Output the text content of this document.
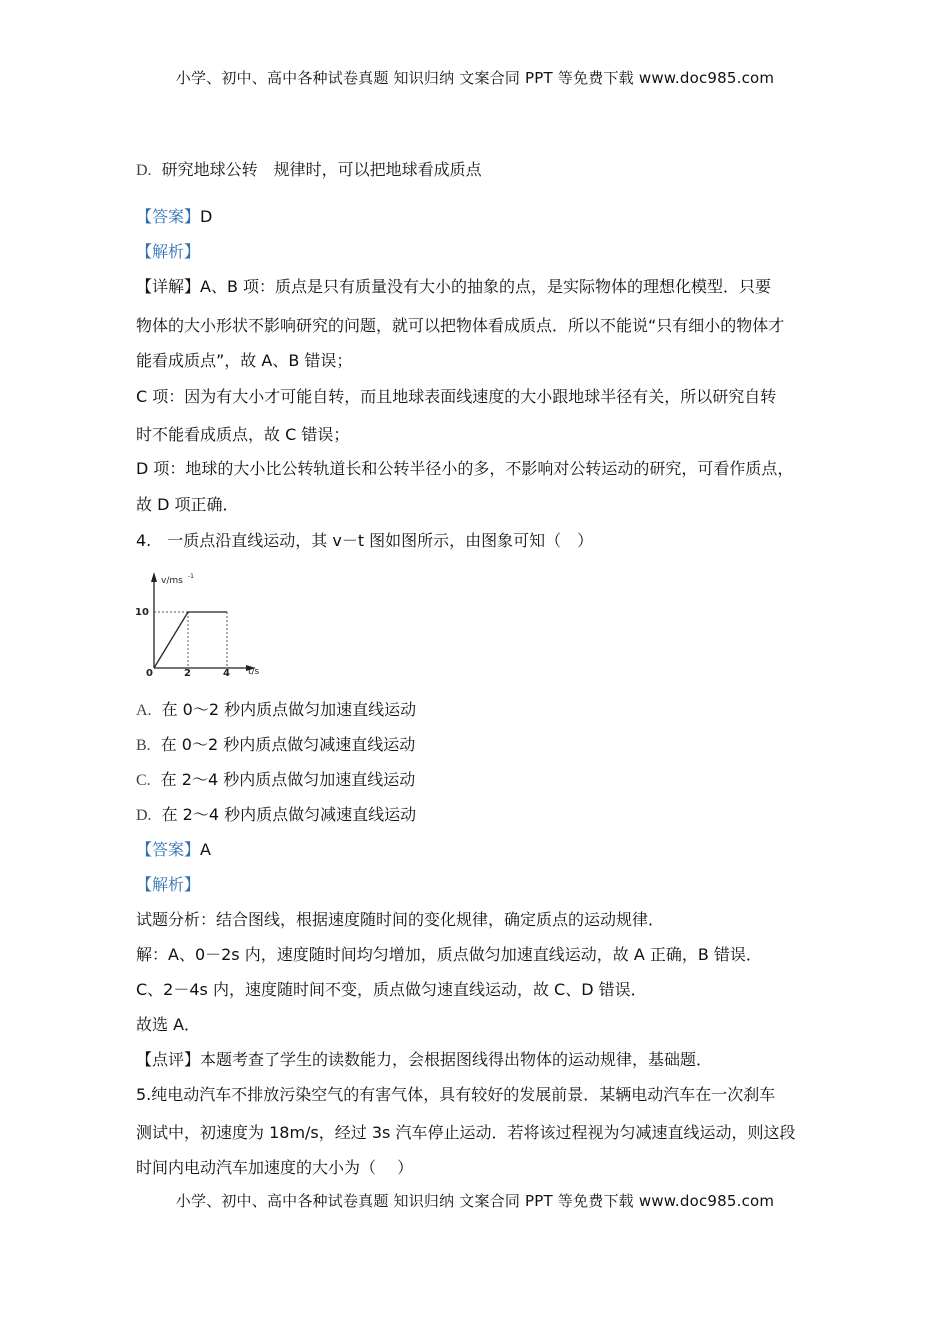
小学、初中、高中各种试卷真题 知识归纳 文案合同 PPT 等免费下载 www.doc985.com
D. 研究地球公转　规律时，可以把地球看成质点
【答案】D
【解析】
【详解】A、B 项：质点是只有质量没有大小的抽象的点，是实际物体的理想化模型．只要
物体的大小形状不影响研究的问题，就可以把物体看成质点．所以不能说“只有细小的物体才
能看成质点”，故 A、B 错误；
C 项：因为有大小才可能自转，而且地球表面线速度的大小跟地球半径有关，所以研究自转
时不能看成质点，故 C 错误；
D 项：地球的大小比公转轨道长和公转半径小的多，不影响对公转运动的研究，可看作质点，
故 D 项正确．
4.　一质点沿直线运动，其 v－t 图如图所示，由图象可知（　）
v/ms -1
10
0	2	4 t/s
A. 在 0～2 秒内质点做匀加速直线运动
B. 在 0～2 秒内质点做匀减速直线运动
C. 在 2～4 秒内质点做匀加速直线运动
D. 在 2～4 秒内质点做匀减速直线运动
【答案】A
【解析】
试题分析：结合图线，根据速度随时间的变化规律，确定质点的运动规律．
解：A、0－2s 内，速度随时间均匀增加，质点做匀加速直线运动，故 A 正确，B 错误．
C、2－4s 内，速度随时间不变，质点做匀速直线运动，故 C、D 错误．
故选 A．
【点评】本题考查了学生的读数能力，会根据图线得出物体的运动规律，基础题．
5.纯电动汽车不排放污染空气的有害气体，具有较好的发展前景．某辆电动汽车在一次刹车
测试中，初速度为 18m/s，经过 3s 汽车停止运动．若将该过程视为匀减速直线运动，则这段
时间内电动汽车加速度的大小为（　 ）
小学、初中、高中各种试卷真题 知识归纳 文案合同 PPT 等免费下载 www.doc985.com
